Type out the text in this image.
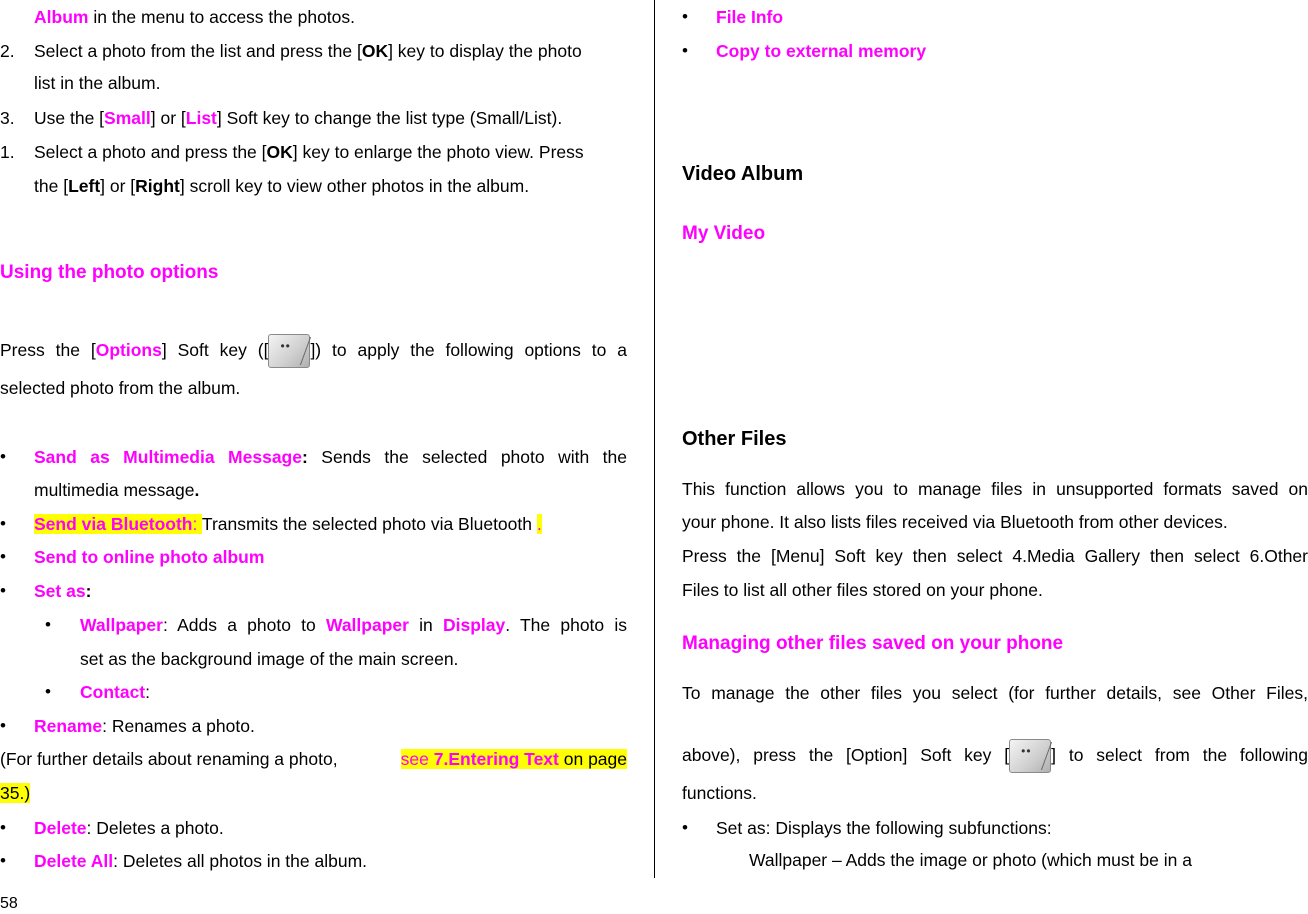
Album in the menu to access the photos.
2. Select a photo from the list and press the [OK] key to display the photo
list in the album.
3. Use the [Small] or [List] Soft key to change the list type (Small/List).
1. Select a photo and press the [OK] key to enlarge the photo view. Press
the [Left] or [Right] scroll key to view other photos in the album.
Using the photo options
Press the [Options] Soft key ([ •• ]) to apply the following options to a
selected photo from the album.
• Sand as Multimedia Message: Sends the selected photo with the
multimedia message.
• Send via Bluetooth: Transmits the selected photo via Bluetooth .
• Send to online photo album
• Set as:
• Wallpaper: Adds a photo to Wallpaper in Display. The photo is
set as the background image of the main screen.
• Contact:
• Rename: Renames a photo.
(For further details about renaming a photo,	see 7.Entering Text on page
35.)
• Delete: Deletes a photo.
• Delete All: Deletes all photos in the album.
58
• File Info
• Copy to external memory
Video Album
My Video
Other Files
This function allows you to manage files in unsupported formats saved on
your phone. It also lists files received via Bluetooth from other devices.
Press the [Menu] Soft key then select 4.Media Gallery then select 6.Other
Files to list all other files stored on your phone.
Managing other files saved on your phone
To manage the other files you select (for further details, see Other Files,
above), press the [Option] Soft key [ •• ] to select from the following
functions.
• Set as: Displays the following subfunctions:
Wallpaper – Adds the image or photo (which must be in a
